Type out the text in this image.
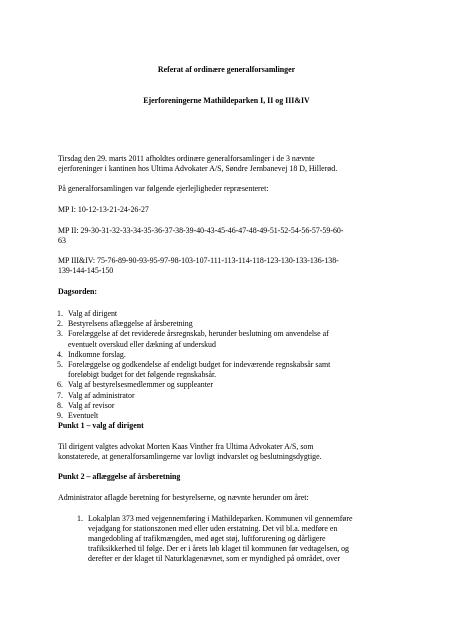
Referat af ordinære generalforsamlinger
Ejerforeningerne Mathildeparken I, II og III&IV
Tirsdag den 29. marts 2011 afholdtes ordinære generalforsamlinger i de 3 nævnte
ejerforeninger i kantinen hos Ultima Advokater A/S, Søndre Jernbanevej 18 D, Hillerød.
På generalforsamlingen var følgende ejerlejligheder repræsenteret:
MP I: 10-12-13-21-24-26-27
MP II: 29-30-31-32-33-34-35-36-37-38-39-40-43-45-46-47-48-49-51-52-54-56-57-59-60-
63
MP III&IV: 75-76-89-90-93-95-97-98-103-107-111-113-114-118-123-130-133-136-138-
139-144-145-150
Dagsorden:
1. Valg af dirigent
2. Bestyrelsens aflæggelse af årsberetning
3. Forelæggelse af det reviderede årsregnskab, herunder beslutning om anvendelse af
eventuelt overskud eller dækning af underskud
4. Indkomne forslag.
5. Forelæggelse og godkendelse af endeligt budget for indeværende regnskabsår samt
foreløbigt budget for det følgende regnskabsår.
6. Valg af bestyrelsesmedlemmer og suppleanter
7. Valg af administrator
8. Valg af revisor
9. Eventuelt
Punkt 1 – valg af dirigent
Til dirigent valgtes advokat Morten Kaas Vinther fra Ultima Advokater A/S, som
konstaterede, at generalforsamlingerne var lovligt indvarslet og beslutningsdygtige.
Punkt 2 – aflæggelse af årsberetning
Administrator aflagde beretning for bestyrelserne, og nævnte herunder om året:
1. Lokalplan 373 med vejgennemføring i Mathildeparken. Kommunen vil gennemføre
vejadgang for stationszonen med eller uden erstatning. Det vil bl.a. medføre en
mangedobling af trafikmængden, med øget støj, luftforurening og dårligere
trafiksikkerhed til følge. Der er i årets løb klaget til kommunen før vedtagelsen, og
derefter er der klaget til Naturklagenævnet, som er myndighed på området, over
